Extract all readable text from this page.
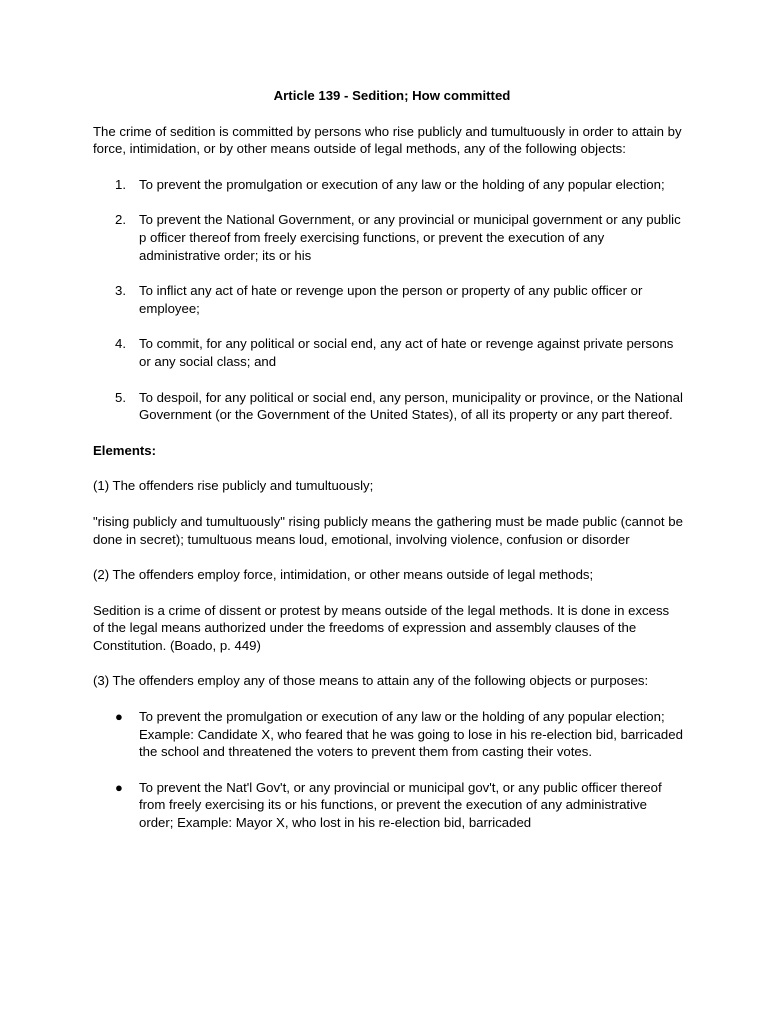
Article 139 - Sedition; How committed

The crime of sedition is committed by persons who rise publicly and tumultuously in order to attain by force, intimidation, or by other means outside of legal methods, any of the following objects:

1. To prevent the promulgation or execution of any law or the holding of any popular election;
2. To prevent the National Government, or any provincial or municipal government or any public p officer thereof from freely exercising functions, or prevent the execution of any administrative order; its or his
3. To inflict any act of hate or revenge upon the person or property of any public officer or employee;
4. To commit, for any political or social end, any act of hate or revenge against private persons or any social class; and
5. To despoil, for any political or social end, any person, municipality or province, or the National Government (or the Government of the United States), of all its property or any part thereof.

Elements:

(1) The offenders rise publicly and tumultuously;

"rising publicly and tumultuously" rising publicly means the gathering must be made public (cannot be done in secret); tumultuous means loud, emotional, involving violence, confusion or disorder

(2) The offenders employ force, intimidation, or other means outside of legal methods;

Sedition is a crime of dissent or protest by means outside of the legal methods. It is done in excess of the legal means authorized under the freedoms of expression and assembly clauses of the Constitution. (Boado, p. 449)

(3) The offenders employ any of those means to attain any of the following objects or purposes:

● To prevent the promulgation or execution of any law or the holding of any popular election; Example: Candidate X, who feared that he was going to lose in his re-election bid, barricaded the school and threatened the voters to prevent them from casting their votes.
● To prevent the Nat'l Gov't, or any provincial or municipal gov't, or any public officer thereof from freely exercising its or his functions, or prevent the execution of any administrative order; Example: Mayor X, who lost in his re-election bid, barricaded
